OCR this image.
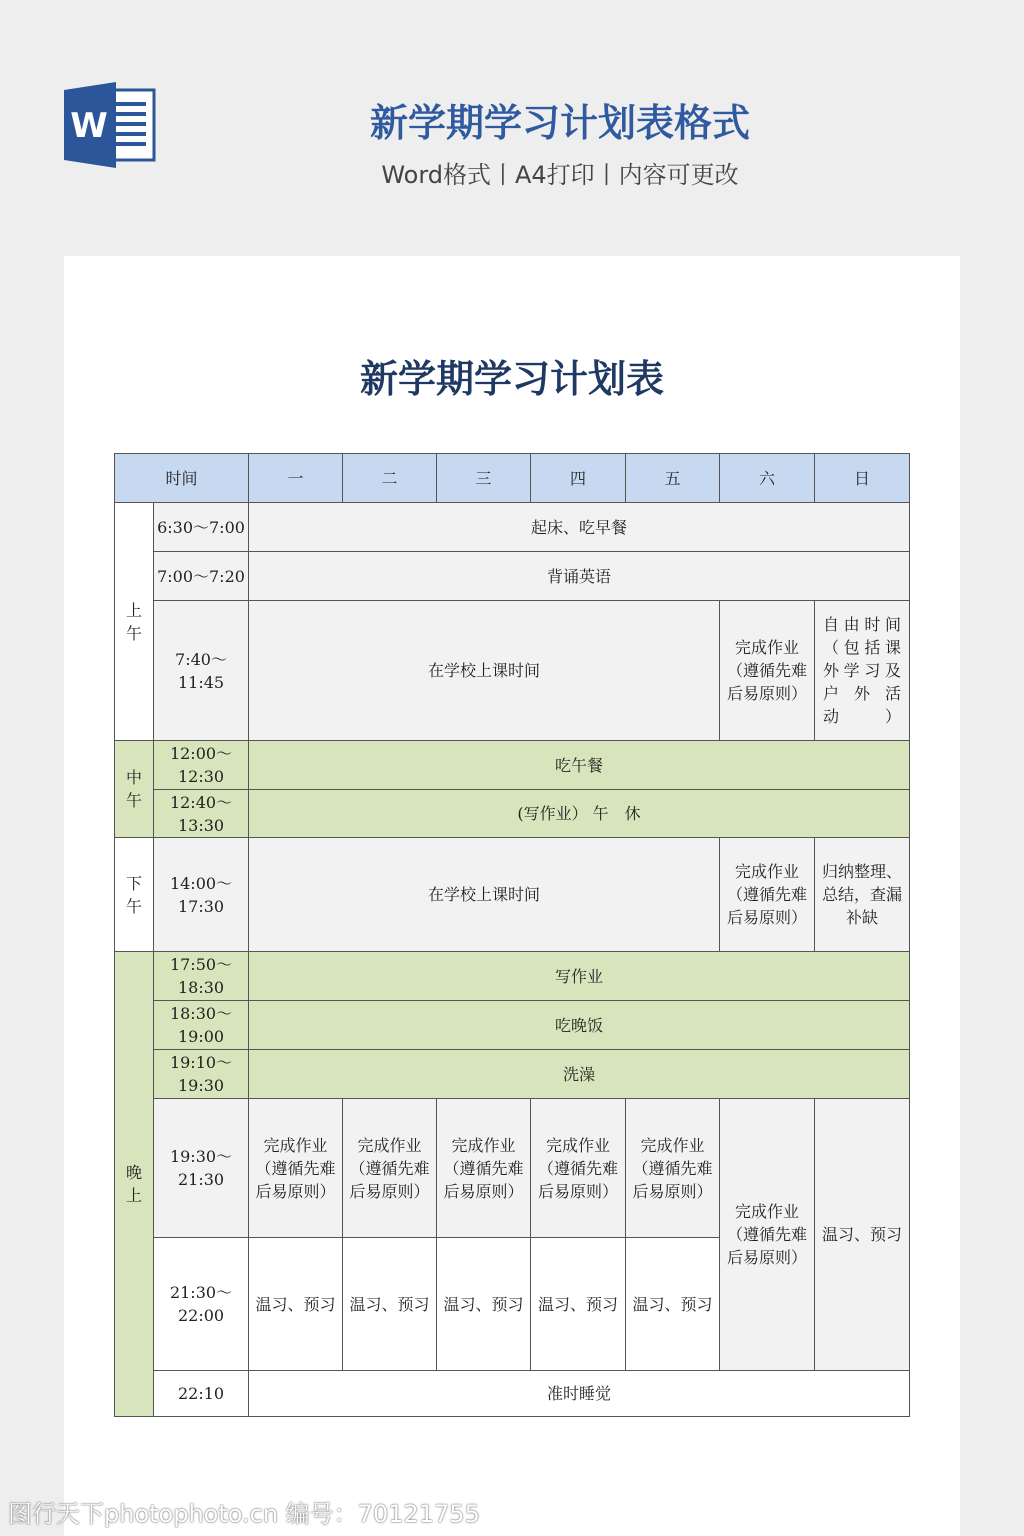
W	新学期学习计划表格式
Word格式丨A4打印丨内容可更改
新学期学习计划表
时间		一	二	三	四	五	六	日
上午	6:30～7:00	起床、吃早餐						
	7:00～7:20	背诵英语						
	7:40～11:45	在学校上课时间					完成作业（遵循先难后易原则）	自由时间（包括课外学习及户 外 活动）

中午	12:00～12:30	吃午餐						
	12:40～13:30	(写作业） 午　休						
下午	14:00～17:30	在学校上课时间					完成作业（遵循先难后易原则）	归纳整理、总结，查漏补缺
晚上	17:50～18:30	写作业						
	18:30～19:00	吃晚饭						
	19:10～19:30	洗澡						
	19:30～21:30	完成作业（遵循先难后易原则）	完成作业（遵循先难后易原则）	完成作业（遵循先难后易原则）	完成作业（遵循先难后易原则）	完成作业（遵循先难后易原则）	完成作业（遵循先难后易原则）	温习、预习
	21:30～22:00	温习、预习	温习、预习	温习、预习	温习、预习	温习、预习		
	22:10	准时睡觉						
图行天下photophoto.cn 编号：70121755
